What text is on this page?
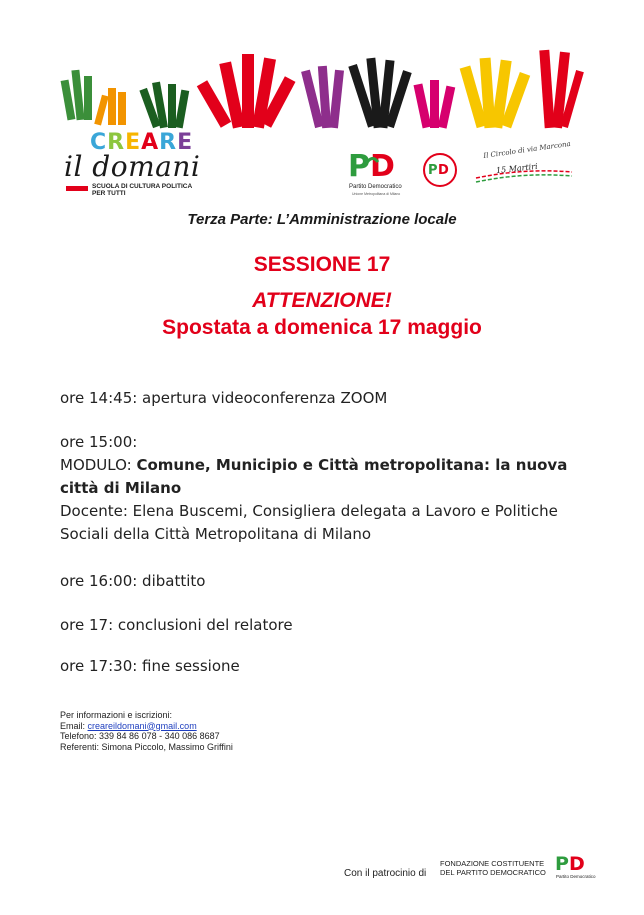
CREARE
il domani
SCUOLA DI CULTURA POLITICA
PER TUTTI
P D
Partito Democratico
Unione Metropolitana di Milano
P D
Il Circolo di via Marcona
15 Martiri
Terza Parte: L’Amministrazione locale
SESSIONE 17
ATTENZIONE!
Spostata a domenica 17 maggio
ore 14:45: apertura videoconferenza ZOOM
ore 15:00:
MODULO: Comune, Municipio e Città metropolitana: la nuova città di Milano
Docente: Elena Buscemi, Consigliera delegata a Lavoro e Politiche Sociali della Città Metropolitana di Milano
ore 16:00: dibattito
ore 17: conclusioni del relatore
ore 17:30: fine sessione
Per informazioni e iscrizioni:
Email: creareildomani@gmail.com
Telefono: 339 84 86 078 - 340 086 8687
Referenti: Simona Piccolo, Massimo Griffini
Con il patrocinio di
FONDAZIONE COSTITUENTE
DEL PARTITO DEMOCRATICO PD
Partito Democratico
